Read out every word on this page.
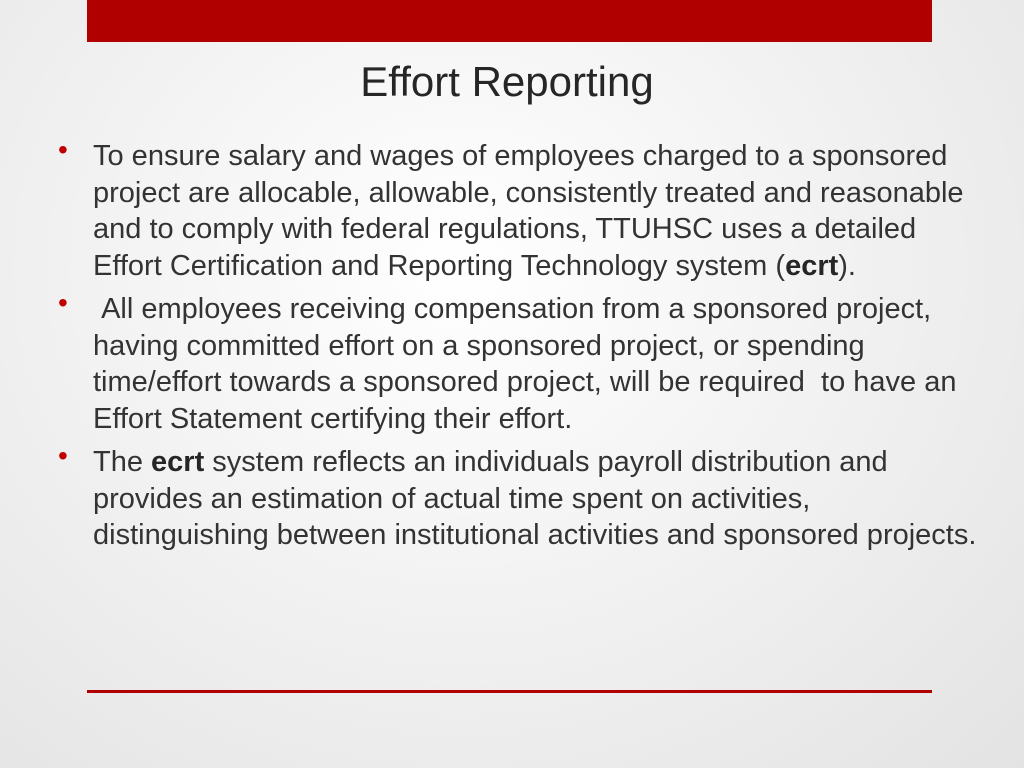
Effort Reporting
• To ensure salary and wages of employees charged to a sponsored project are allocable, allowable, consistently treated and reasonable and to comply with federal regulations, TTUHSC uses a detailed Effort Certification and Reporting Technology system (ecrt).
• All employees receiving compensation from a sponsored project, having committed effort on a sponsored project, or spending time/effort towards a sponsored project, will be required  to have an Effort Statement certifying their effort.
• The ecrt system reflects an individuals payroll distribution and provides an estimation of actual time spent on activities, distinguishing between institutional activities and sponsored projects.
